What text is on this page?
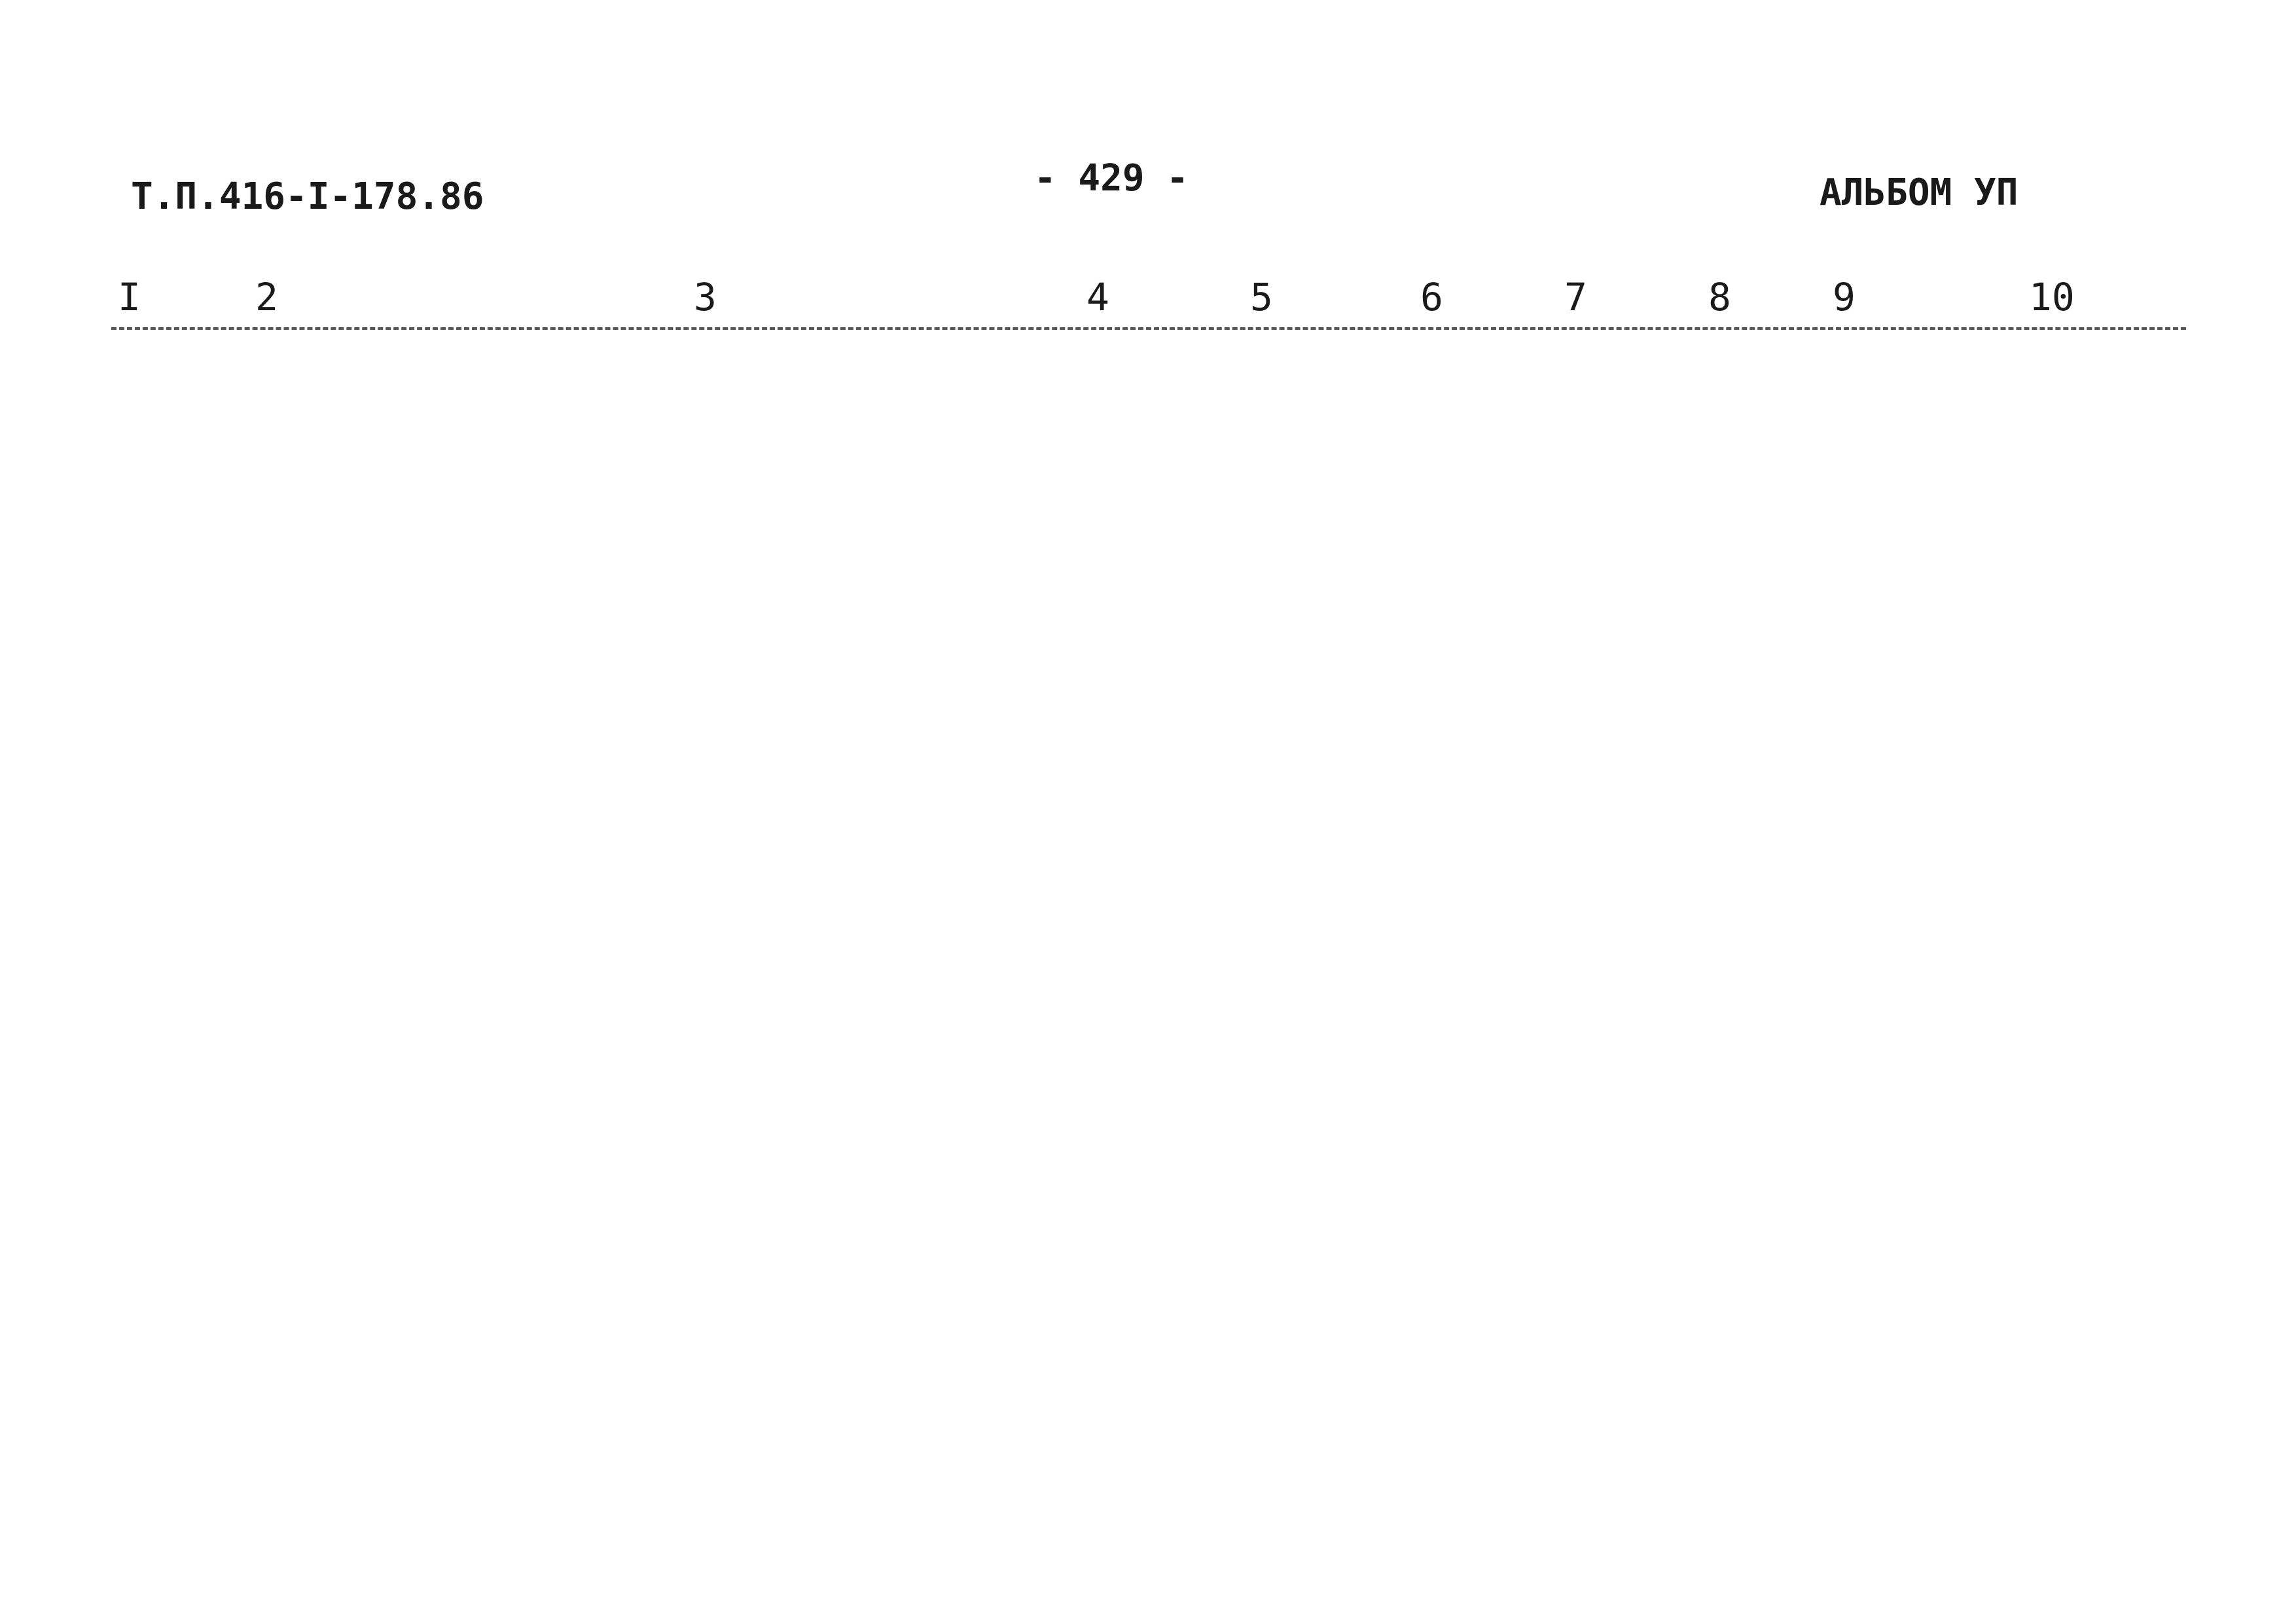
Т.П.416-I-178.86	- 429 -	АЛЬБОМ УП
I	2	3	4	5	6	7	8	9	10
